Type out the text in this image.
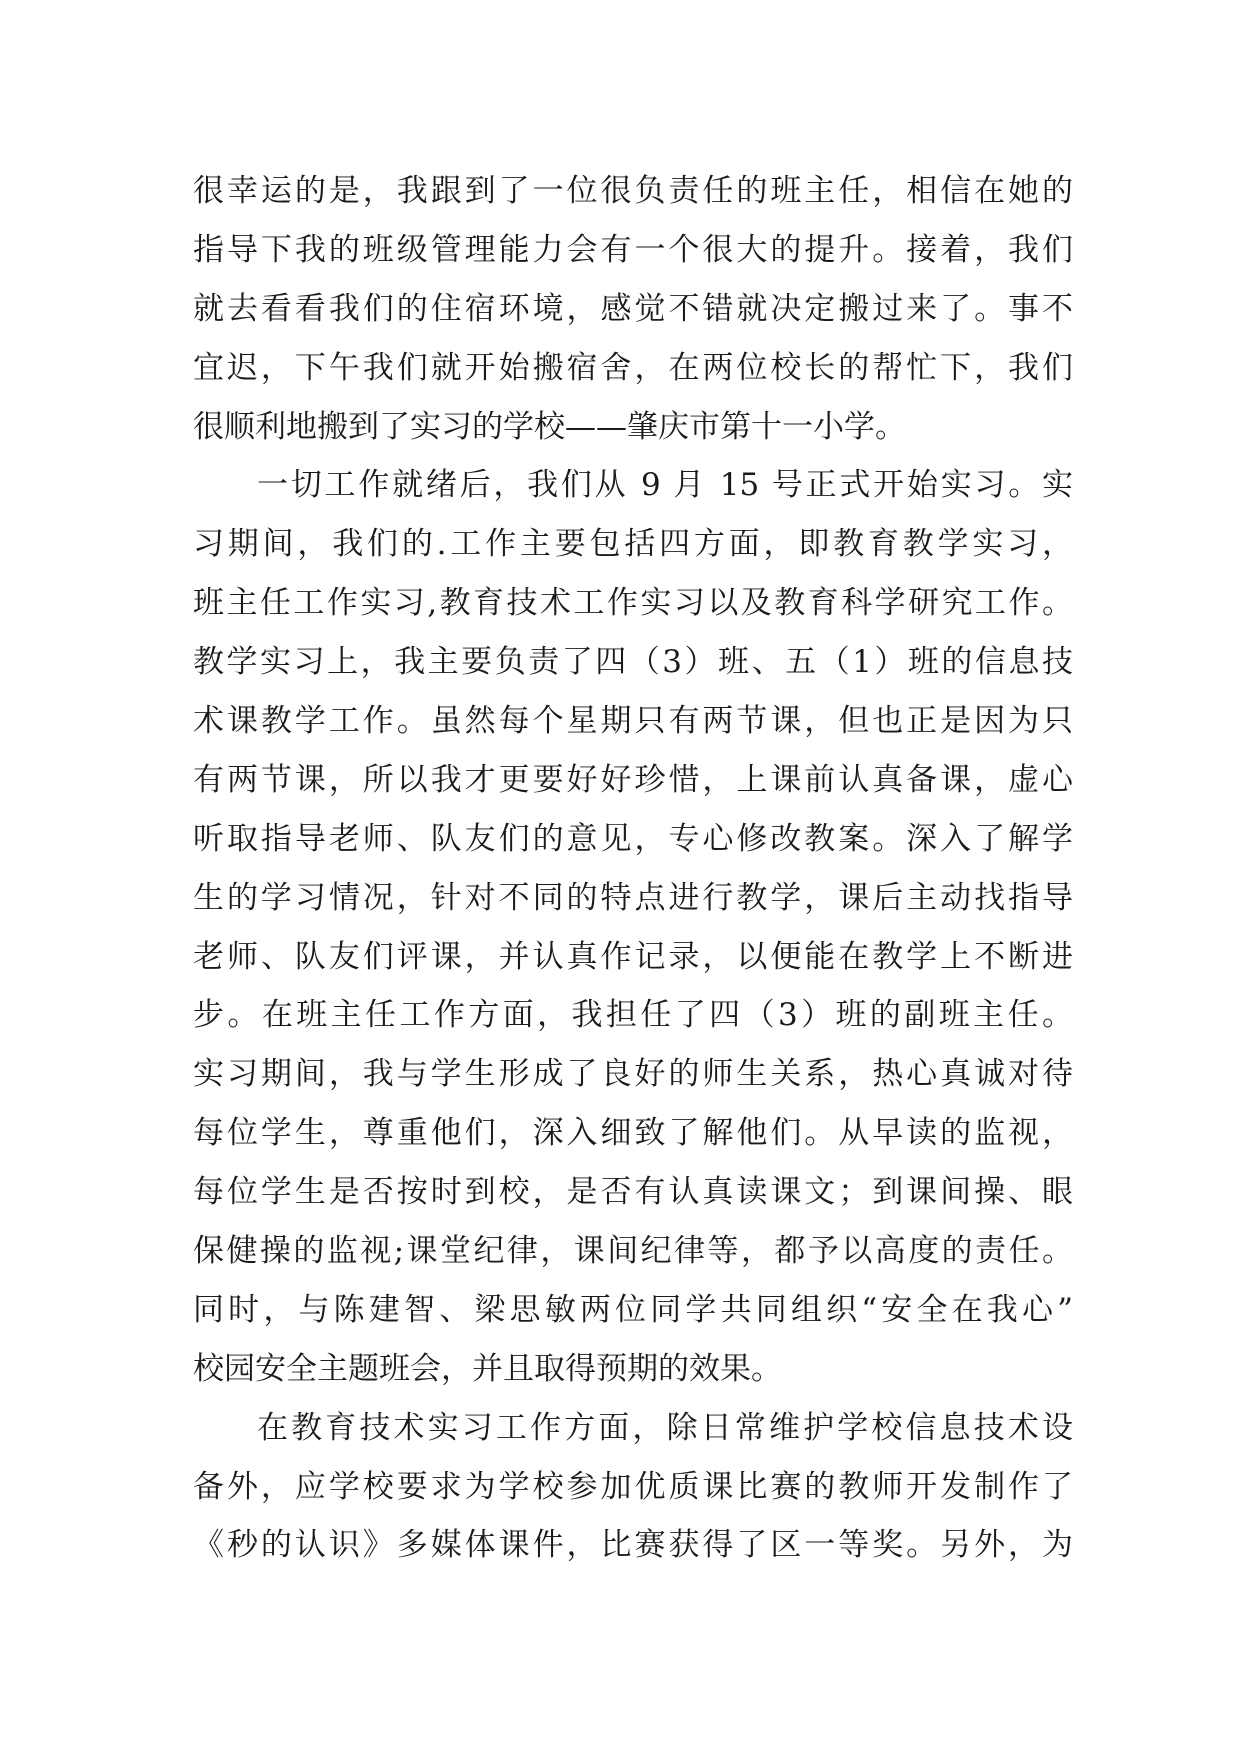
很幸运的是，我跟到了一位很负责任的班主任，相信在她的
指导下我的班级管理能力会有一个很大的提升。接着，我们
就去看看我们的住宿环境，感觉不错就决定搬过来了。事不
宜迟，下午我们就开始搬宿舍，在两位校长的帮忙下，我们
很顺利地搬到了实习的学校——肇庆市第十一小学。
一切工作就绪后，我们从 9 月 15 号正式开始实习。实
习期间，我们的.工作主要包括四方面，即教育教学实习，
班主任工作实习,教育技术工作实习以及教育科学研究工作。
教学实习上，我主要负责了四（3）班、五（1）班的信息技
术课教学工作。虽然每个星期只有两节课，但也正是因为只
有两节课，所以我才更要好好珍惜，上课前认真备课，虚心
听取指导老师、队友们的意见，专心修改教案。深入了解学
生的学习情况，针对不同的特点进行教学，课后主动找指导
老师、队友们评课，并认真作记录，以便能在教学上不断进
步。在班主任工作方面，我担任了四（3）班的副班主任。
实习期间，我与学生形成了良好的师生关系，热心真诚对待
每位学生，尊重他们，深入细致了解他们。从早读的监视，
每位学生是否按时到校，是否有认真读课文；到课间操、眼
保健操的监视;课堂纪律，课间纪律等，都予以高度的责任。
同时，与陈建智、梁思敏两位同学共同组织“安全在我心”
校园安全主题班会，并且取得预期的效果。
在教育技术实习工作方面，除日常维护学校信息技术设
备外，应学校要求为学校参加优质课比赛的教师开发制作了
《秒的认识》多媒体课件，比赛获得了区一等奖。另外，为
